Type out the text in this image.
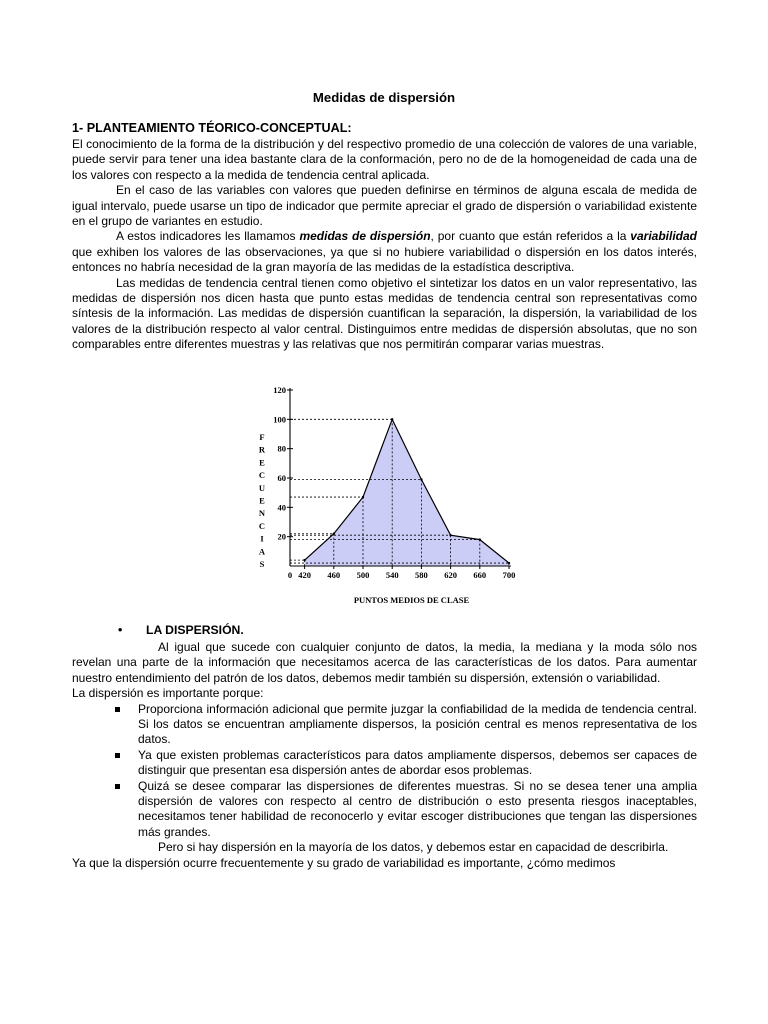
Medidas de dispersión
1- PLANTEAMIENTO TÉORICO-CONCEPTUAL:

El conocimiento de la forma de la distribución y del respectivo promedio de una colección de valores de una variable, puede servir para tener una idea bastante clara de la conformación, pero no de de la homogeneidad de cada una de los valores con respecto a la medida de tendencia central aplicada.

En el caso de las variables con valores que pueden definirse en términos de alguna escala de medida de igual intervalo, puede usarse un tipo de indicador que permite apreciar el grado de dispersión o variabilidad existente en el grupo de variantes en estudio.

A estos indicadores les llamamos medidas de dispersión, por cuanto que están referidos a la variabilidad que exhiben los valores de las observaciones, ya que si no hubiere variabilidad o dispersión en los datos interés, entonces no habría necesidad de la gran mayoría de las medidas de la estadística descriptiva.

Las medidas de tendencia central tienen como objetivo el sintetizar los datos en un valor representativo, las medidas de dispersión nos dicen hasta que punto estas medidas de tendencia central son representativas como síntesis de la información. Las medidas de dispersión cuantifican la separación, la dispersión, la variabilidad de los valores de la distribución respecto al valor central. Distinguimos entre medidas de dispersión absolutas, que no son comparables entre diferentes muestras y las relativas que nos permitirán comparar varias muestras.

20
40
60
80
100
120
0 420 460 500 540 580 620 660 700
PUNTOS MEDIOS DE CLASE
F
R
E
C
U
E
N
C
I
A
S
• LA DISPERSIÓN.

Al igual que sucede con cualquier conjunto de datos, la media, la mediana y la moda sólo nos revelan una parte de la información que necesitamos acerca de las características de los datos. Para aumentar nuestro entendimiento del patrón de los datos, debemos medir también su dispersión, extensión o variabilidad.

La dispersión es importante porque:

Proporciona información adicional que permite juzgar la confiabilidad de la medida de tendencia central. Si los datos se encuentran ampliamente dispersos, la posición central es menos representativa de los datos.
Ya que existen problemas característicos para datos ampliamente dispersos, debemos ser capaces de distinguir que presentan esa dispersión antes de abordar esos problemas.
Quizá se desee comparar las dispersiones de diferentes muestras. Si no se desea tener una amplia dispersión de valores con respecto al centro de distribución o esto presenta riesgos inaceptables, necesitamos tener habilidad de reconocerlo y evitar escoger distribuciones que tengan las dispersiones más grandes.

Pero si hay dispersión en la mayoría de los datos, y debemos estar en capacidad de describirla.

Ya que la dispersión ocurre frecuentemente y su grado de variabilidad es importante, ¿cómo medimos
